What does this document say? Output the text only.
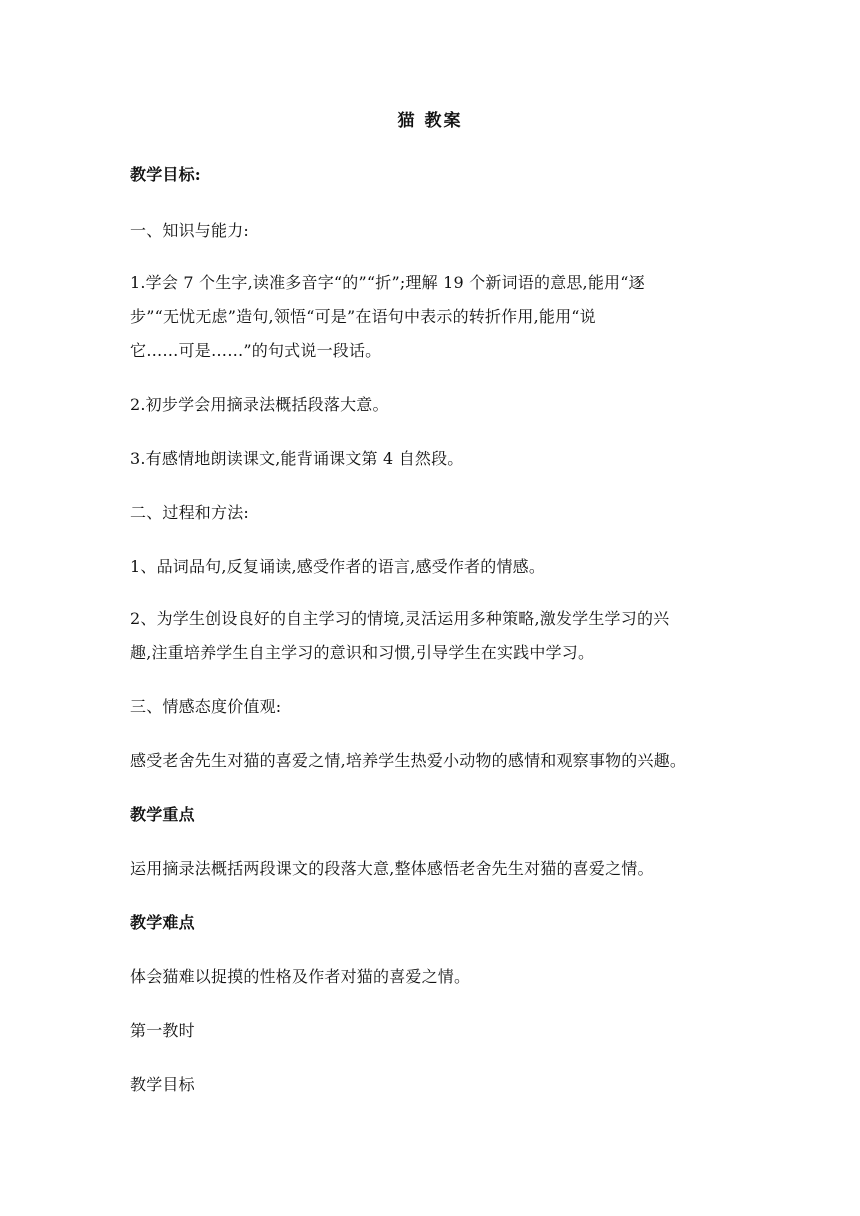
猫 教案
教学目标:
一、知识与能力:
1.学会 7 个生字,读准多音字“的”“折”;理解 19 个新词语的意思,能用“逐
步”“无忧无虑”造句,领悟“可是”在语句中表示的转折作用,能用“说
它……可是……”的句式说一段话。
2.初步学会用摘录法概括段落大意。
3.有感情地朗读课文,能背诵课文第 4 自然段。
二、过程和方法:
1、品词品句,反复诵读,感受作者的语言,感受作者的情感。
2、为学生创设良好的自主学习的情境,灵活运用多种策略,激发学生学习的兴
趣,注重培养学生自主学习的意识和习惯,引导学生在实践中学习。
三、情感态度价值观:
感受老舍先生对猫的喜爱之情,培养学生热爱小动物的感情和观察事物的兴趣。
教学重点
运用摘录法概括两段课文的段落大意,整体感悟老舍先生对猫的喜爱之情。
教学难点
体会猫难以捉摸的性格及作者对猫的喜爱之情。
第一教时
教学目标
